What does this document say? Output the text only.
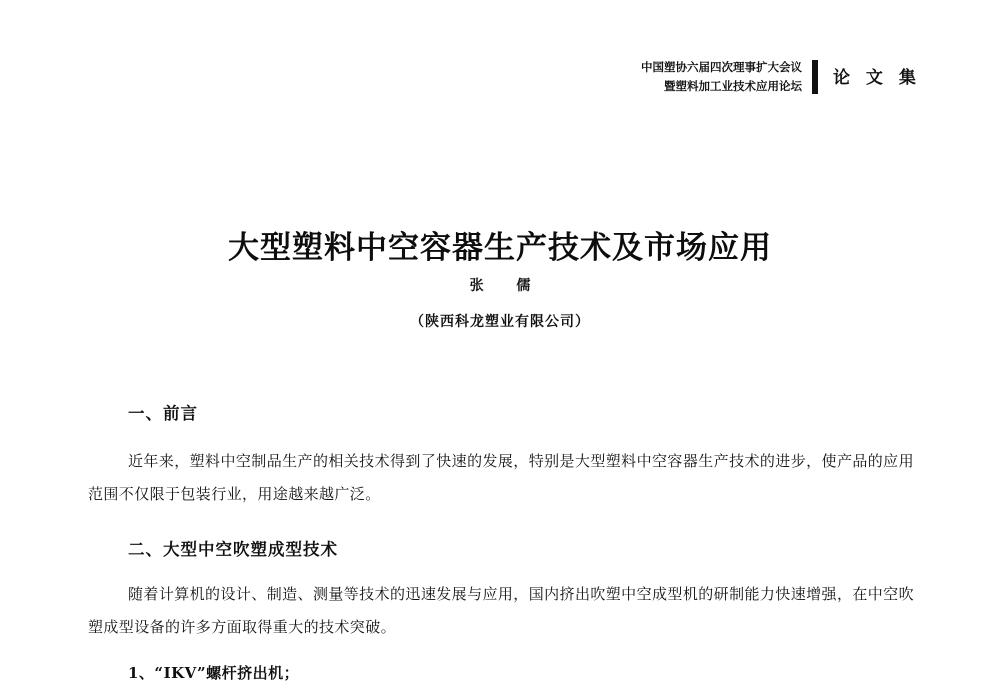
中国塑协六届四次理事扩大会议
暨塑料加工业技术应用论坛 论 文 集
大型塑料中空容器生产技术及市场应用
张 儒
（陕西科龙塑业有限公司）
一、前言
近年来，塑料中空制品生产的相关技术得到了快速的发展，特别是大型塑料中空容器生产技术的进步，使产品的应用范围不仅限于包装行业，用途越来越广泛。
二、大型中空吹塑成型技术
随着计算机的设计、制造、测量等技术的迅速发展与应用，国内挤出吹塑中空成型机的研制能力快速增强，在中空吹塑成型设备的许多方面取得重大的技术突破。
1、“IKV”螺杆挤出机；
